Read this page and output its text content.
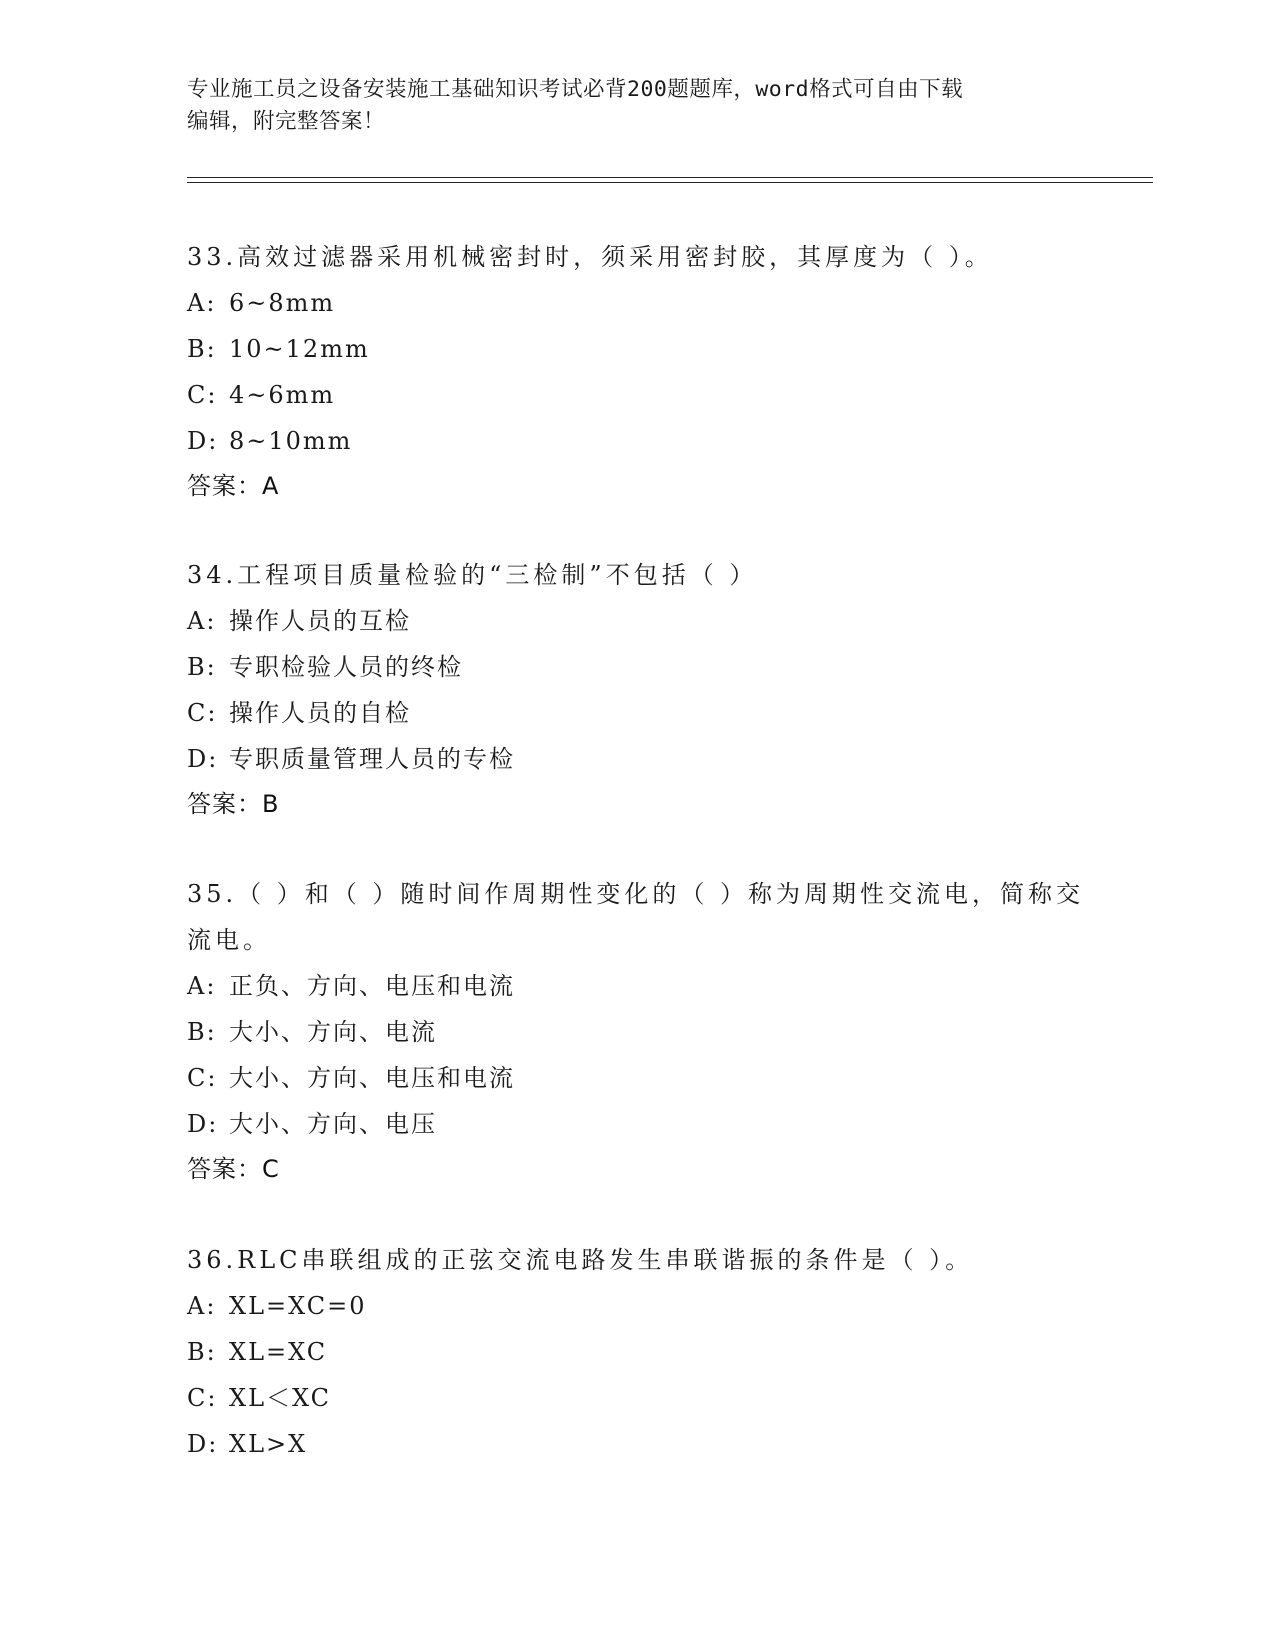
专业施工员之设备安装施工基础知识考试必背200题题库，word格式可自由下载
编辑，附完整答案！

33.高效过滤器采用机械密封时，须采用密封胶，其厚度为（ ）。

A: 6~8mm

B: 10~12mm

C: 4~6mm

D: 8~10mm

答案：A

34.工程项目质量检验的“三检制”不包括（ ）

A: 操作人员的互检

B: 专职检验人员的终检

C: 操作人员的自检

D: 专职质量管理人员的专检

答案：B

35.（ ）和（ ）随时间作周期性变化的（ ）称为周期性交流电，简称交流电。

A: 正负、方向、电压和电流

B: 大小、方向、电流

C: 大小、方向、电压和电流

D: 大小、方向、电压

答案：C

36.RLC串联组成的正弦交流电路发生串联谐振的条件是（ ）。

A: XL=XC=0

B: XL=XC

C: XL＜XC

D: XL>X
